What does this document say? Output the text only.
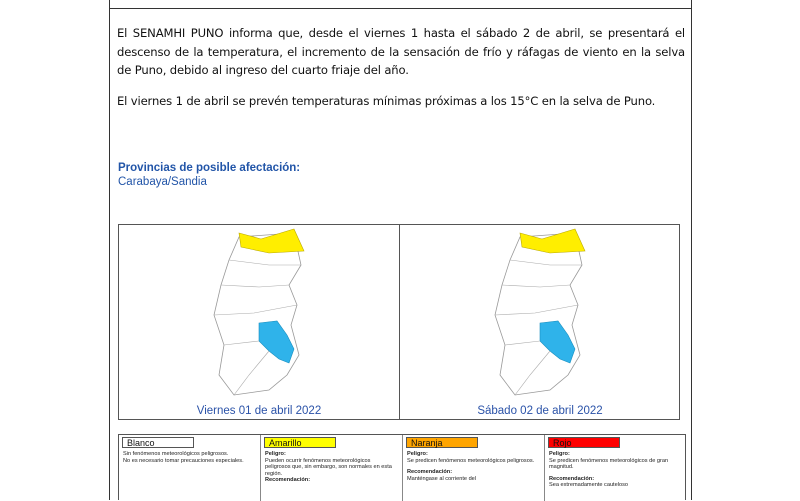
El SENAMHI PUNO informa que, desde el viernes 1 hasta el sábado 2 de abril, se presentará el descenso de la temperatura, el incremento de la sensación de frío y ráfagas de viento en la selva de Puno, debido al ingreso del cuarto friaje del año.
El viernes 1 de abril se prevén temperaturas mínimas próximas a los 15°C en la selva de Puno.
Provincias de posible afectación:
Carabaya/Sandia
Viernes 01 de abril 2022	Sábado 02 de abril 2022
Blanco
Sin fenómenos meteorológicos peligrosos.
No es necesario tomar precauciones especiales.
Amarillo
Peligro:
Pueden ocurrir fenómenos meteorológicos peligrosos que, sin embargo, son normales en esta región.
Recomendación:
Naranja
Peligro:
Se predicen fenómenos meteorológicos peligrosos.
Recomendación:
Manténgase al corriente del
Rojo
Peligro:
Se predicen fenómenos meteorológicos de gran magnitud.
Recomendación:
Sea extremadamente cauteloso
